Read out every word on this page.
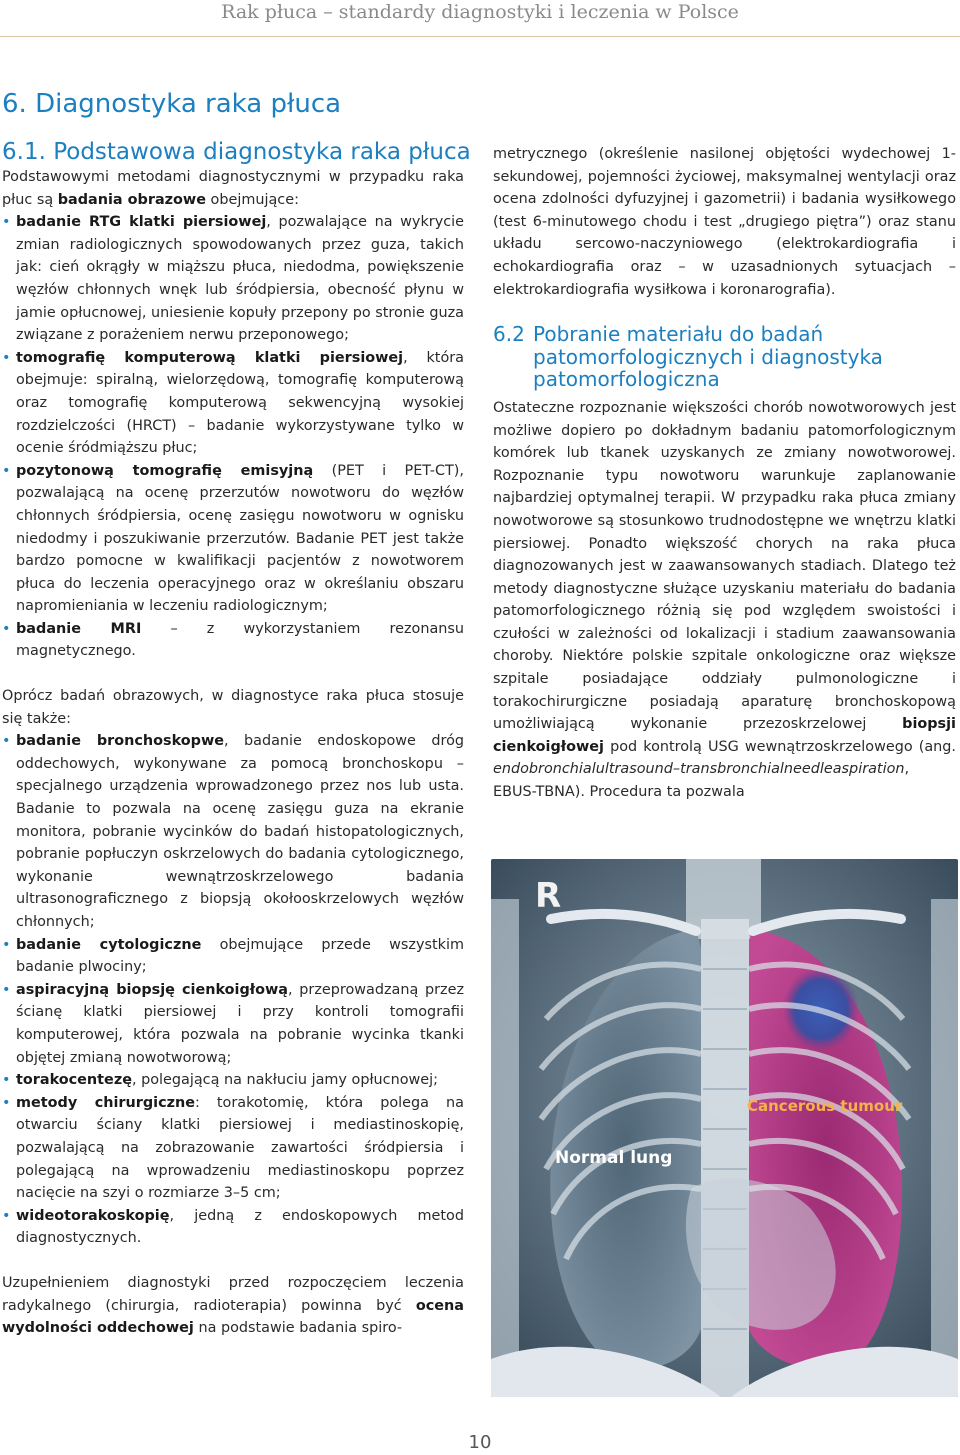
Rak płuca – standardy diagnostyki i leczenia w Polsce
6. Diagnostyka raka płuca
6.1. Podstawowa diagnostyka raka płuca

Podstawowymi metodami diagnostycznymi w przypadku raka płuc są badania obrazowe obejmujące:

• badanie RTG klatki piersiowej, pozwalające na wykrycie zmian radiologicznych spowodowanych przez guza, takich jak: cień okrągły w miąższu płuca, niedodma, powiększenie węzłów chłonnych wnęk lub śródpiersia, obecność płynu w jamie opłucnowej, uniesienie kopuły przepony po stronie guza związane z porażeniem nerwu przeponowego;
• tomografię komputerową klatki piersiowej, która obejmuje: spiralną, wielorzędową, tomografię komputerową oraz tomografię komputerową sekwencyjną wysokiej rozdzielczości (HRCT) – badanie wykorzystywane tylko w ocenie śródmiąższu płuc;
• pozytonową tomografię emisyjną (PET i PET-CT), pozwalającą na ocenę przerzutów nowotworu do węzłów chłonnych śródpiersia, ocenę zasięgu nowotworu w ognisku niedodmy i poszukiwanie przerzutów. Badanie PET jest także bardzo pomocne w kwalifikacji pacjentów z nowotworem płuca do leczenia operacyjnego oraz w określaniu obszaru napromieniania w leczeniu radiologicznym;
• badanie MRI – z wykorzystaniem rezonansu magnetycznego.

Oprócz badań obrazowych, w diagnostyce raka płuca stosuje się także:

• badanie bronchoskopwe, badanie endoskopowe dróg oddechowych, wykonywane za pomocą bronchoskopu – specjalnego urządzenia wprowadzonego przez nos lub usta. Badanie to pozwala na ocenę zasięgu guza na ekranie monitora, pobranie wycinków do badań histopatologicznych, pobranie popłuczyn oskrzelowych do badania cytologicznego, wykonanie wewnątrzoskrzelowego badania ultrasonograficznego z biopsją okołooskrzelowych węzłów chłonnych;
• badanie cytologiczne obejmujące przede wszystkim badanie plwociny;
• aspiracyjną biopsję cienkoigłową, przeprowadzaną przez ścianę klatki piersiowej i przy kontroli tomografii komputerowej, która pozwala na pobranie wycinka tkanki objętej zmianą nowotworową;
• torakocentezę, polegającą na nakłuciu jamy opłucnowej;
• metody chirurgiczne: torakotomię, która polega na otwarciu ściany klatki piersiowej i mediastinoskopię, pozwalającą na zobrazowanie zawartości śródpiersia i polegającą na wprowadzeniu mediastinoskopu poprzez nacięcie na szyi o rozmiarze 3–5 cm;
• wideotorakoskopię, jedną z endoskopowych metod diagnostycznych.

Uzupełnieniem diagnostyki przed rozpoczęciem leczenia radykalnego (chirurgia, radioterapia) powinna być ocena wydolności oddechowej na podstawie badania spiro-

metrycznego (określenie nasilonej objętości wydechowej 1-sekundowej, pojemności życiowej, maksymalnej wentylacji oraz ocena zdolności dyfuzyjnej i gazometrii) i badania wysiłkowego (test 6-minutowego chodu i test „drugiego piętra”) oraz stanu układu sercowo-naczyniowego (elektrokardiografia i echokardiografia oraz – w uzasadnionych sytuacjach – elektrokardiografia wysiłkowa i koronarografia).

6.2 Pobranie materiału do badań patomorfologicznych i diagnostyka patomorfologiczna

Ostateczne rozpoznanie większości chorób nowotworowych jest możliwe dopiero po dokładnym badaniu patomorfologicznym komórek lub tkanek uzyskanych ze zmiany nowotworowej. Rozpoznanie typu nowotworu warunkuje zaplanowanie najbardziej optymalnej terapii. W przypadku raka płuca zmiany nowotworowe są stosunkowo trudnodostępne we wnętrzu klatki piersiowej. Ponadto większość chorych na raka płuca diagnozowanych jest w zaawansowanych stadiach. Dlatego też metody diagnostyczne służące uzyskaniu materiału do badania patomorfologicznego różnią się pod względem swoistości i czułości w zależności od lokalizacji i stadium zaawansowania choroby. Niektóre polskie szpitale onkologiczne oraz większe szpitale posiadające oddziały pulmonologiczne i torakochirurgiczne posiadają aparaturę bronchoskopową umożliwiającą wykonanie przezoskrzelowej biopsji cienkoigłowej pod kontrolą USG wewnątrzoskrzelowego (ang. endobronchialultrasound–transbronchialneedleaspiration, EBUS-TBNA). Procedura ta pozwala

R
Cancerous tumour
Normal lung
10
